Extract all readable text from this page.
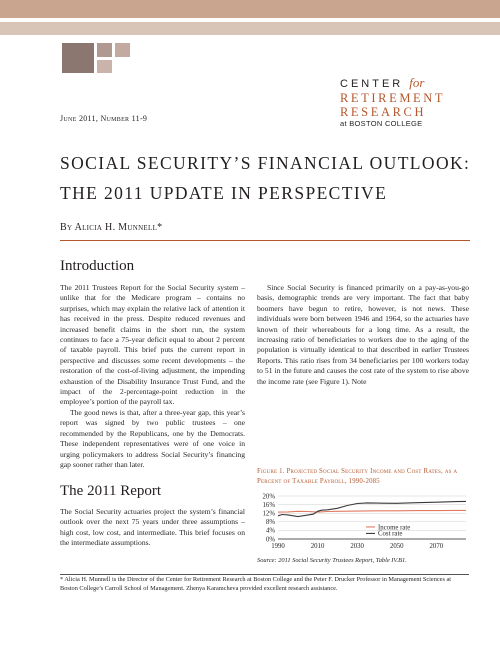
CENTER for
RETIREMENT
RESEARCH
at BOSTON COLLEGE
June 2011, Number 11-9
SOCIAL SECURITY’S FINANCIAL OUTLOOK:
THE 2011 UPDATE IN PERSPECTIVE
By Alicia H. Munnell*
Introduction

The 2011 Trustees Report for the Social Security system – unlike that for the Medicare program – contains no surprises, which may explain the relative lack of attention it has received in the press. Despite reduced revenues and increased benefit claims in the short run, the system continues to face a 75-year deficit equal to about 2 percent of taxable payroll. This brief puts the current report in perspective and discusses some recent developments – the restoration of the cost-of-living adjustment, the impending exhaustion of the Disability Insurance Trust Fund, and the impact of the 2-percentage-point reduction in the employee’s portion of the payroll tax.

The good news is that, after a three-year gap, this year’s report was signed by two public trustees – one recommended by the Republicans, one by the Democrats. These independent representatives were of one voice in urging policymakers to address Social Security’s financing gap sooner rather than later.

The 2011 Report

The Social Security actuaries project the system’s financial outlook over the next 75 years under three assumptions – high cost, low cost, and intermediate. This brief focuses on the intermediate assumptions.

Since Social Security is financed primarily on a pay-as-you-go basis, demographic trends are very important. The fact that baby boomers have begun to retire, however, is not news. These individuals were born between 1946 and 1964, so the actuaries have known of their whereabouts for a long time. As a result, the increasing ratio of beneficiaries to workers due to the aging of the population is virtually identical to that described in earlier Trustees Reports. This ratio rises from 34 beneficiaries per 100 workers today to 51 in the future and causes the cost rate of the system to rise above the income rate (see Figure 1). Note

Figure 1. Projected Social Security Income and Cost Rates, as a Percent of Taxable Payroll, 1990-2085
0%
4%
8%
12%
16%
20%
1990	2010	2030	2050	2070
Income rate
Cost rate
Source: 2011 Social Security Trustees Report, Table IV.B1.
* Alicia H. Munnell is the Director of the Center for Retirement Research at Boston College and the Peter F. Drucker Professor in Management Sciences at Boston College’s Carroll School of Management. Zhenya Karamcheva provided excellent research assistance.
